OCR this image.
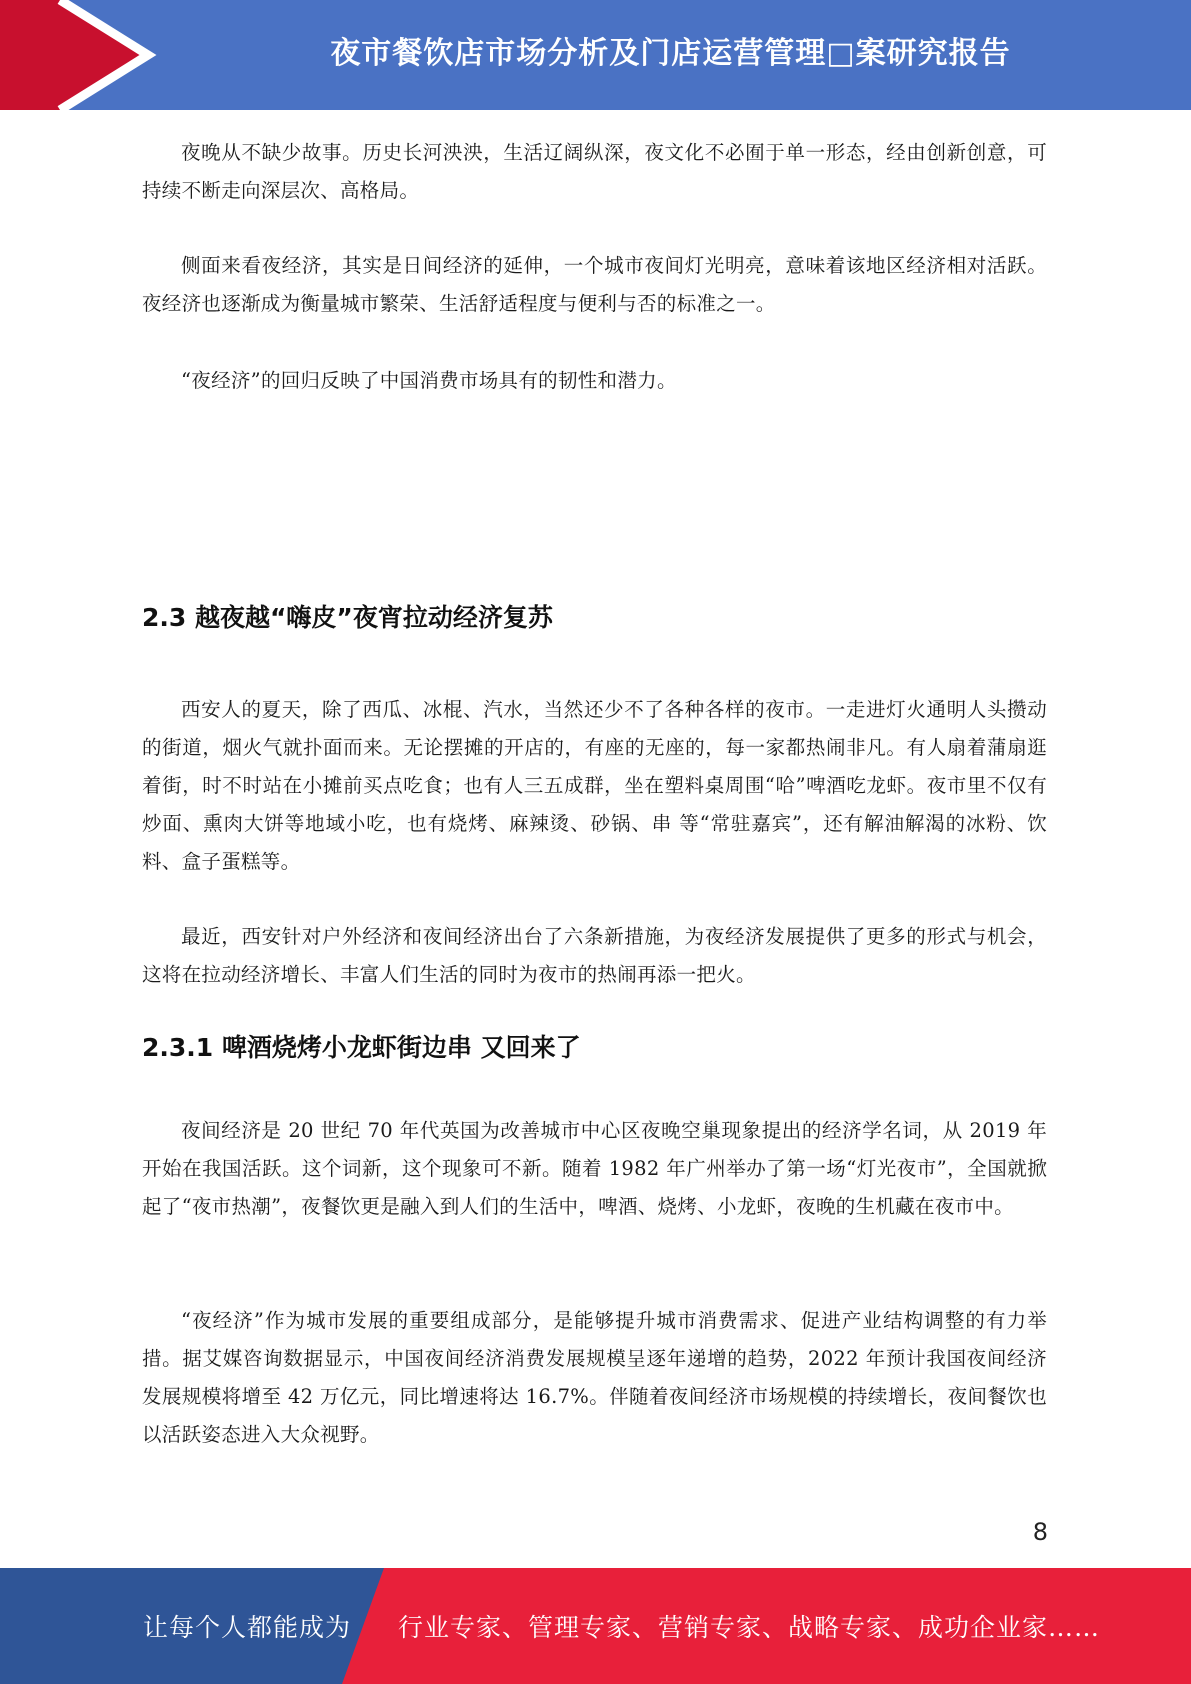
夜市餐饮店市场分析及门店运营管理□案研究报告

夜晚从不缺少故事。历史长河泱泱，生活辽阔纵深，夜文化不必囿于单一形态，经由创新创意，可持续不断走向深层次、高格局。

侧面来看夜经济，其实是日间经济的延伸，一个城市夜间灯光明亮，意味着该地区经济相对活跃。夜经济也逐渐成为衡量城市繁荣、生活舒适程度与便利与否的标准之一。

“夜经济”的回归反映了中国消费市场具有的韧性和潜力。

2.3 越夜越“嗨皮”夜宵拉动经济复苏

西安人的夏天，除了西瓜、冰棍、汽水，当然还少不了各种各样的夜市。一走进灯火通明人头攒动的街道，烟火气就扑面而来。无论摆摊的开店的，有座的无座的，每一家都热闹非凡。有人扇着蒲扇逛着街，时不时站在小摊前买点吃食；也有人三五成群，坐在塑料桌周围“哈”啤酒吃龙虾。夜市里不仅有炒面、熏肉大饼等地域小吃，也有烧烤、麻辣烫、砂锅、串 等“常驻嘉宾”，还有解油解渴的冰粉、饮料、盒子蛋糕等。

最近，西安针对户外经济和夜间经济出台了六条新措施，为夜经济发展提供了更多的形式与机会，这将在拉动经济增长、丰富人们生活的同时为夜市的热闹再添一把火。

2.3.1 啤酒烧烤小龙虾街边串 又回来了

夜间经济是 20 世纪 70 年代英国为改善城市中心区夜晚空巢现象提出的经济学名词，从 2019 年开始在我国活跃。这个词新，这个现象可不新。随着 1982 年广州举办了第一场“灯光夜市”，全国就掀起了“夜市热潮”，夜餐饮更是融入到人们的生活中，啤酒、烧烤、小龙虾，夜晚的生机藏在夜市中。

“夜经济”作为城市发展的重要组成部分，是能够提升城市消费需求、促进产业结构调整的有力举措。据艾媒咨询数据显示，中国夜间经济消费发展规模呈逐年递增的趋势，2022 年预计我国夜间经济发展规模将增至 42 万亿元，同比增速将达 16.7%。伴随着夜间经济市场规模的持续增长，夜间餐饮也以活跃姿态进入大众视野。

8
让每个人都能成为 行业专家、管理专家、营销专家、战略专家、成功企业家……
